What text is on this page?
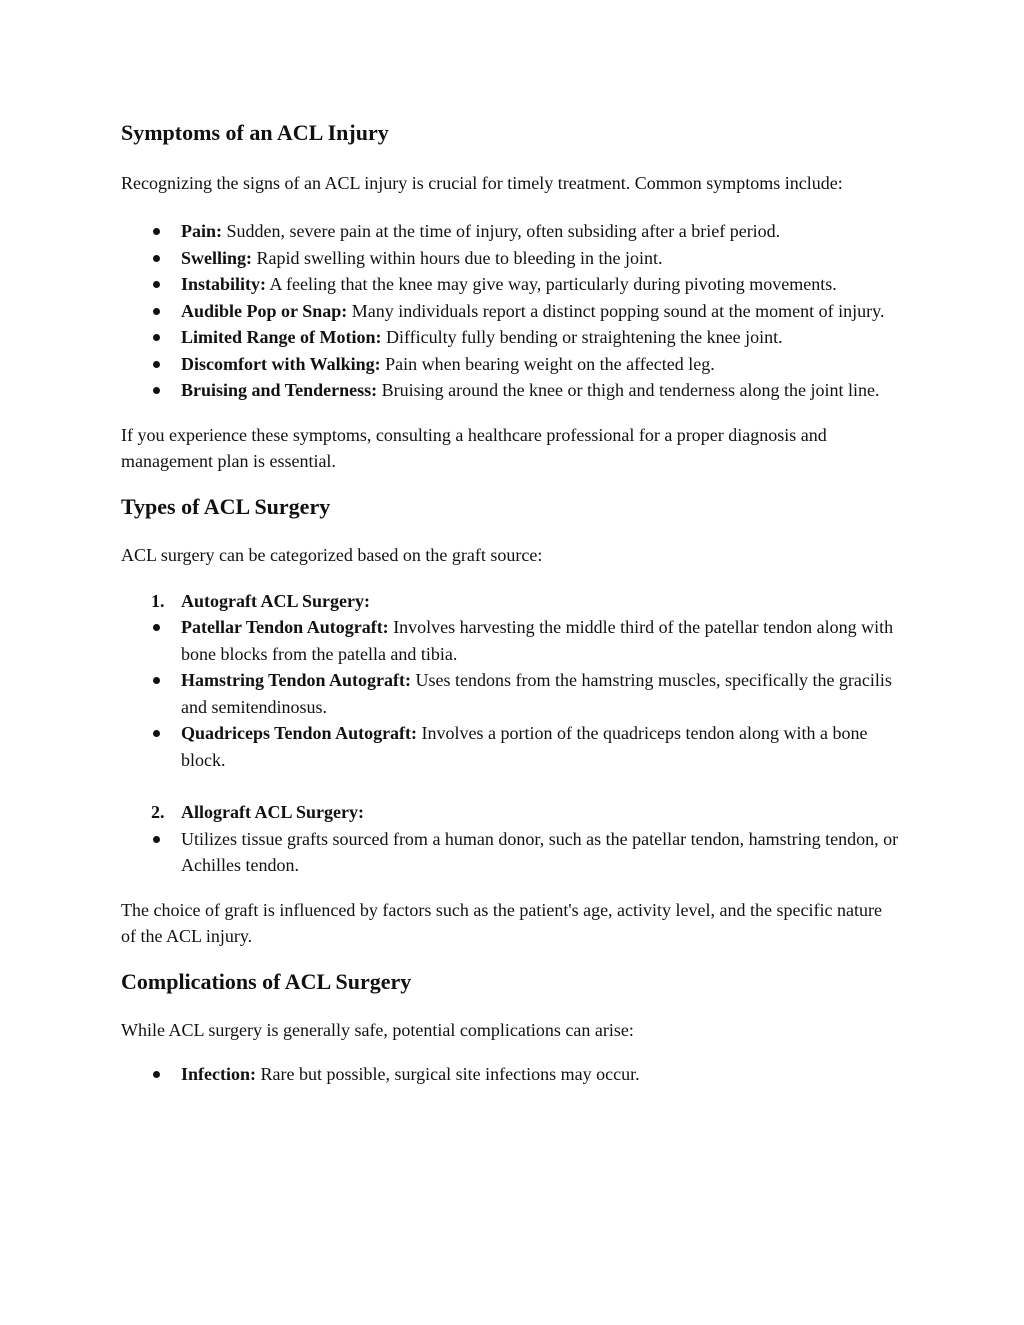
Symptoms of an ACL Injury

Recognizing the signs of an ACL injury is crucial for timely treatment. Common symptoms include:

Pain: Sudden, severe pain at the time of injury, often subsiding after a brief period.
Swelling: Rapid swelling within hours due to bleeding in the joint.
Instability: A feeling that the knee may give way, particularly during pivoting movements.
Audible Pop or Snap: Many individuals report a distinct popping sound at the moment of injury.
Limited Range of Motion: Difficulty fully bending or straightening the knee joint.
Discomfort with Walking: Pain when bearing weight on the affected leg.
Bruising and Tenderness: Bruising around the knee or thigh and tenderness along the joint line.

If you experience these symptoms, consulting a healthcare professional for a proper diagnosis and management plan is essential.

Types of ACL Surgery

ACL surgery can be categorized based on the graft source:

1. Autograft ACL Surgery:
Patellar Tendon Autograft: Involves harvesting the middle third of the patellar tendon along with bone blocks from the patella and tibia.
Hamstring Tendon Autograft: Uses tendons from the hamstring muscles, specifically the gracilis and semitendinosus.
Quadriceps Tendon Autograft: Involves a portion of the quadriceps tendon along with a bone block.
2. Allograft ACL Surgery:
Utilizes tissue grafts sourced from a human donor, such as the patellar tendon, hamstring tendon, or Achilles tendon.

The choice of graft is influenced by factors such as the patient's age, activity level, and the specific nature of the ACL injury.

Complications of ACL Surgery

While ACL surgery is generally safe, potential complications can arise:

Infection: Rare but possible, surgical site infections may occur.
